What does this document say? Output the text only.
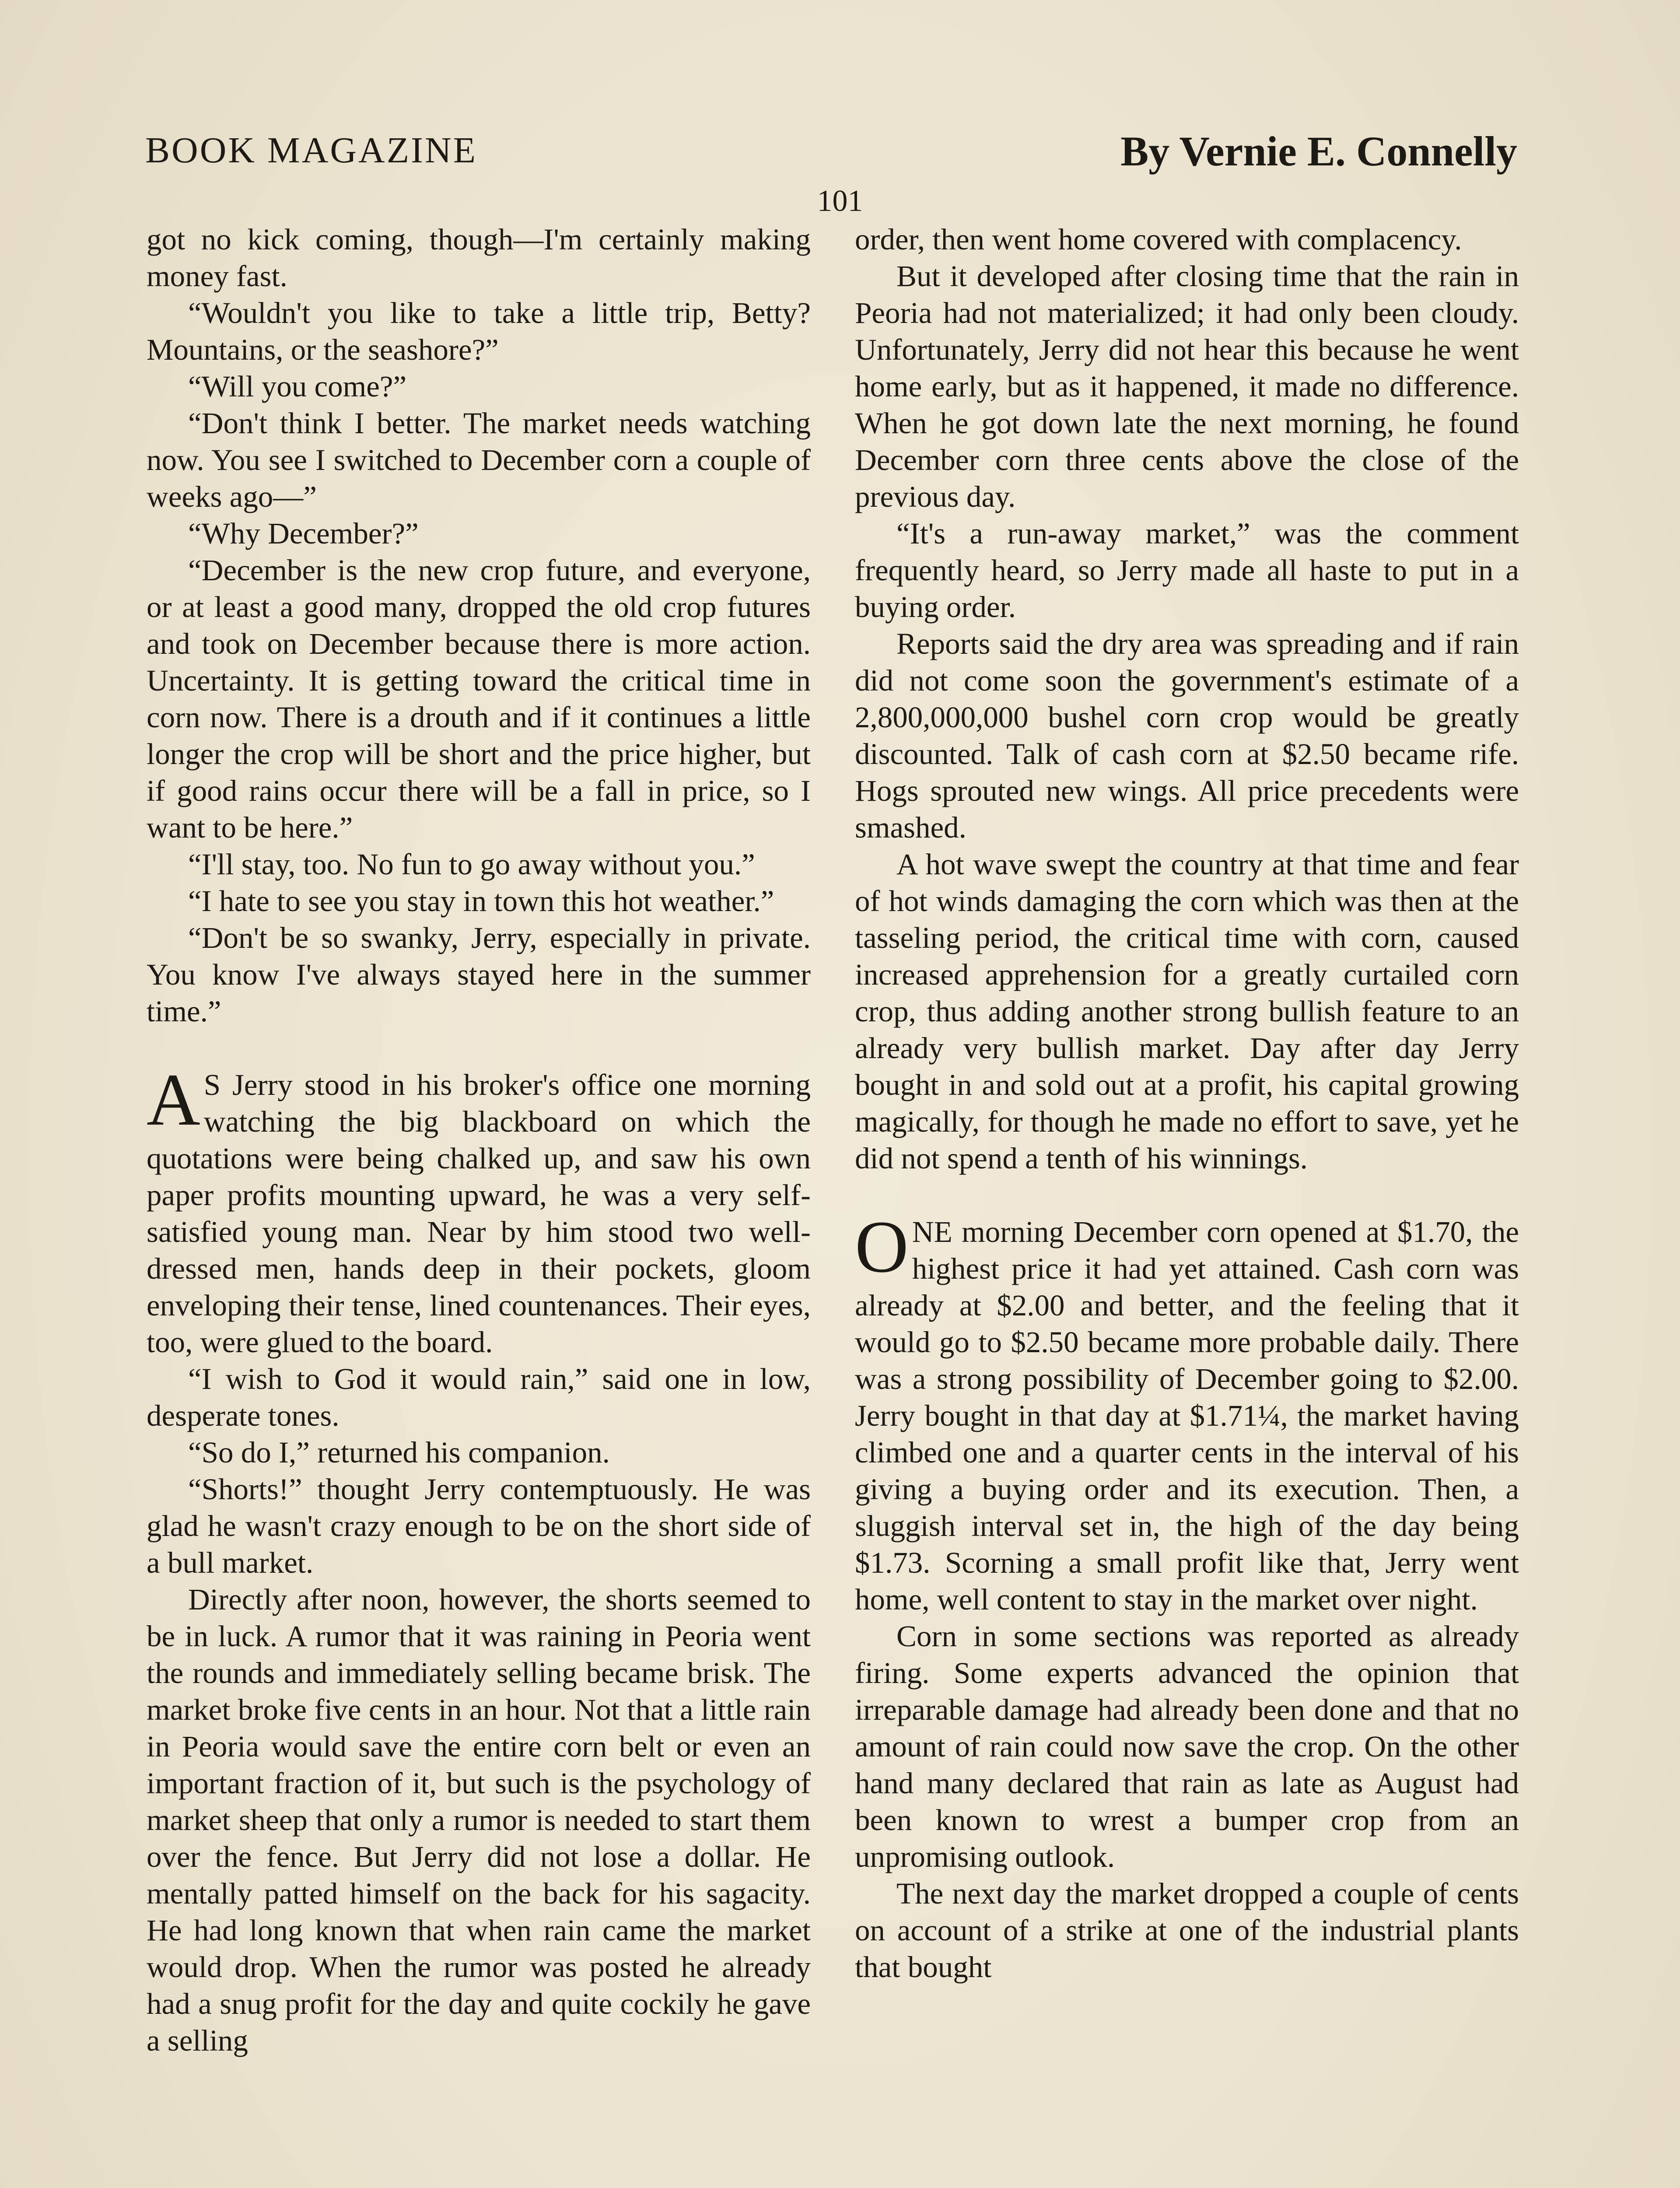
BOOK MAGAZINE	By Vernie E. Connelly
101

got no kick coming, though—I'm certainly making money fast.

“Wouldn't you like to take a little trip, Betty? Mountains, or the seashore?”

“Will you come?”

“Don't think I better. The market needs watching now. You see I switched to December corn a couple of weeks ago—”

“Why December?”

“December is the new crop future, and everyone, or at least a good many, dropped the old crop futures and took on December because there is more action. Uncertainty. It is getting toward the critical time in corn now. There is a drouth and if it continues a little longer the crop will be short and the price higher, but if good rains occur there will be a fall in price, so I want to be here.”

“I'll stay, too. No fun to go away without you.”

“I hate to see you stay in town this hot weather.”

“Don't be so swanky, Jerry, especially in private. You know I've always stayed here in the summer time.”

A S Jerry stood in his broker's office one morning watching the big blackboard on which the quotations were being chalked up, and saw his own paper profits mounting upward, he was a very self-satisfied young man. Near by him stood two well-dressed men, hands deep in their pockets, gloom enveloping their tense, lined countenances. Their eyes, too, were glued to the board.

“I wish to God it would rain,” said one in low, desperate tones.

“So do I,” returned his companion.

“Shorts!” thought Jerry contemptuously. He was glad he wasn't crazy enough to be on the short side of a bull market.

Directly after noon, however, the shorts seemed to be in luck. A rumor that it was raining in Peoria went the rounds and immediately selling became brisk. The market broke five cents in an hour. Not that a little rain in Peoria would save the entire corn belt or even an important fraction of it, but such is the psychology of market sheep that only a rumor is needed to start them over the fence. But Jerry did not lose a dollar. He mentally patted himself on the back for his sagacity. He had long known that when rain came the market would drop. When the rumor was posted he already had a snug profit for the day and quite cockily he gave a selling

order, then went home covered with complacency.

But it developed after closing time that the rain in Peoria had not materialized; it had only been cloudy. Unfortunately, Jerry did not hear this because he went home early, but as it happened, it made no difference. When he got down late the next morning, he found December corn three cents above the close of the previous day.

“It's a run-away market,” was the comment frequently heard, so Jerry made all haste to put in a buying order.

Reports said the dry area was spreading and if rain did not come soon the government's estimate of a 2,800,000,000 bushel corn crop would be greatly discounted. Talk of cash corn at $2.50 became rife. Hogs sprouted new wings. All price precedents were smashed.

A hot wave swept the country at that time and fear of hot winds damaging the corn which was then at the tasseling period, the critical time with corn, caused increased apprehension for a greatly curtailed corn crop, thus adding another strong bullish feature to an already very bullish market. Day after day Jerry bought in and sold out at a profit, his capital growing magically, for though he made no effort to save, yet he did not spend a tenth of his winnings.

ONE morning December corn opened at $1.70, the highest price it had yet attained. Cash corn was already at $2.00 and better, and the feeling that it would go to $2.50 became more probable daily. There was a strong possibility of December going to $2.00. Jerry bought in that day at $1.71¼, the market having climbed one and a quarter cents in the interval of his giving a buying order and its execution. Then, a sluggish interval set in, the high of the day being $1.73. Scorning a small profit like that, Jerry went home, well content to stay in the market over night.

Corn in some sections was reported as already firing. Some experts advanced the opinion that irreparable damage had already been done and that no amount of rain could now save the crop. On the other hand many declared that rain as late as August had been known to wrest a bumper crop from an unpromising outlook.

The next day the market dropped a couple of cents on account of a strike at one of the industrial plants that bought
